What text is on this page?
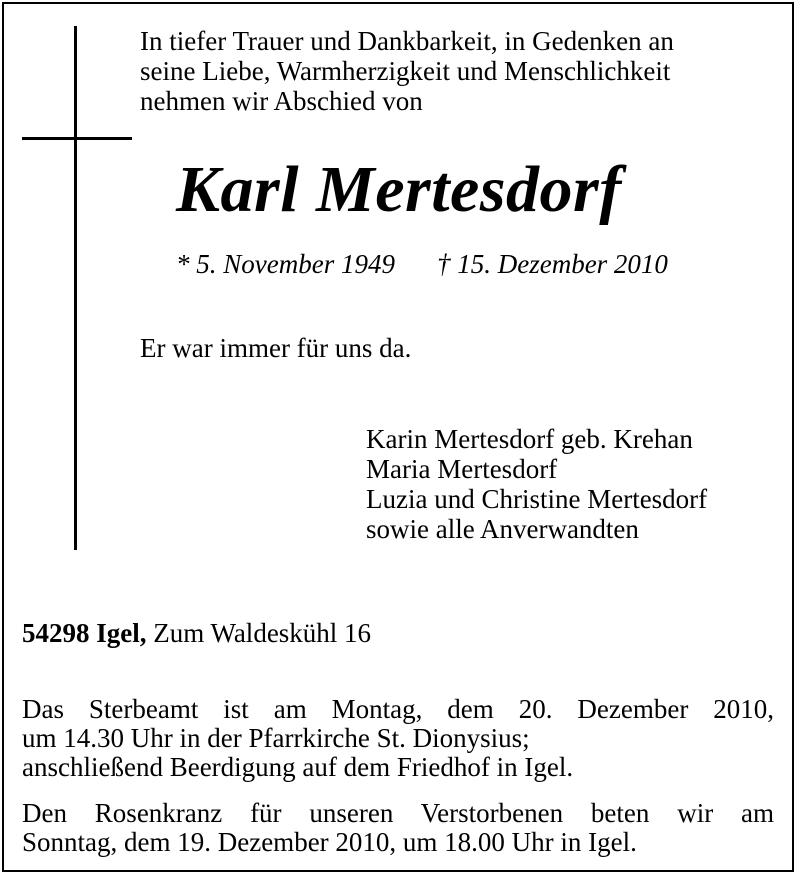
In tiefer Trauer und Dankbarkeit, in Gedenken an
seine Liebe, Warmherzigkeit und Menschlichkeit
nehmen wir Abschied von
Karl Mertesdorf
* 5. November 1949 † 15. Dezember 2010
Er war immer für uns da.
Karin Mertesdorf geb. Krehan
Maria Mertesdorf
Luzia und Christine Mertesdorf
sowie alle Anverwandten
54298 Igel, Zum Waldeskühl 16
Das Sterbeamt ist am Montag, dem 20. Dezember 2010,
um 14.30 Uhr in der Pfarrkirche St. Dionysius;
anschließend Beerdigung auf dem Friedhof in Igel.
Den Rosenkranz für unseren Verstorbenen beten wir am
Sonntag, dem 19. Dezember 2010, um 18.00 Uhr in Igel.
